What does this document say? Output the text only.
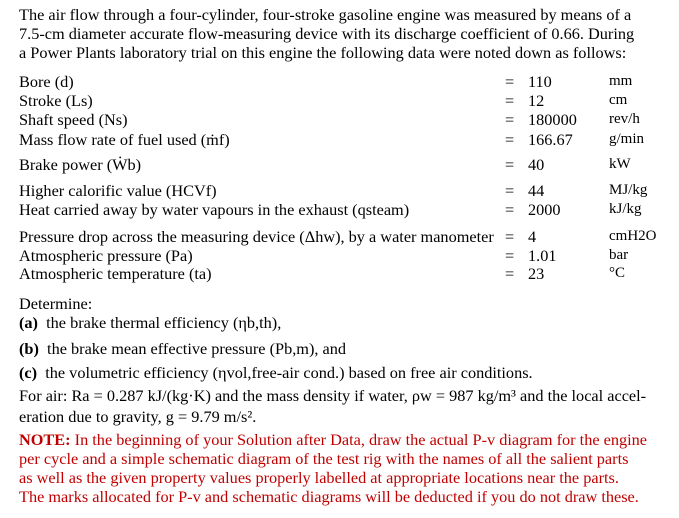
The air flow through a four-cylinder, four-stroke gasoline engine was measured by means of a
7.5-cm diameter accurate flow-measuring device with its discharge coefficient of 0.66. During
a Power Plants laboratory trial on this engine the following data were noted down as follows:
Bore (d)	= 110	mm
Stroke (Ls)	= 12	cm
Shaft speed (Ns)	= 180000 rev/h
Mass flow rate of fuel used (ṁf)	= 166.67 g/min
Brake power (Ẇb)	= 40	kW
Higher calorific value (HCVf)	= 44	MJ/kg
Heat carried away by water vapours in the exhaust (qsteam)	= 2000	kJ/kg
Pressure drop across the measuring device (Δhw), by a water manometer = 4	cmH2O
Atmospheric pressure (Pa)	= 1.01	bar
Atmospheric temperature (ta)	= 23	°C
Determine:
(a) the brake thermal efficiency (ηb,th),
(b) the brake mean effective pressure (Pb,m), and
(c) the volumetric efficiency (ηvol,free-air cond.) based on free air conditions.
For air: Ra = 0.287 kJ/(kg·K) and the mass density if water, ρw = 987 kg/m³ and the local accel-
eration due to gravity, g = 9.79 m/s².
NOTE: In the beginning of your Solution after Data, draw the actual P-v diagram for the engine
per cycle and a simple schematic diagram of the test rig with the names of all the salient parts
as well as the given property values properly labelled at appropriate locations near the parts.
The marks allocated for P-v and schematic diagrams will be deducted if you do not draw these.
